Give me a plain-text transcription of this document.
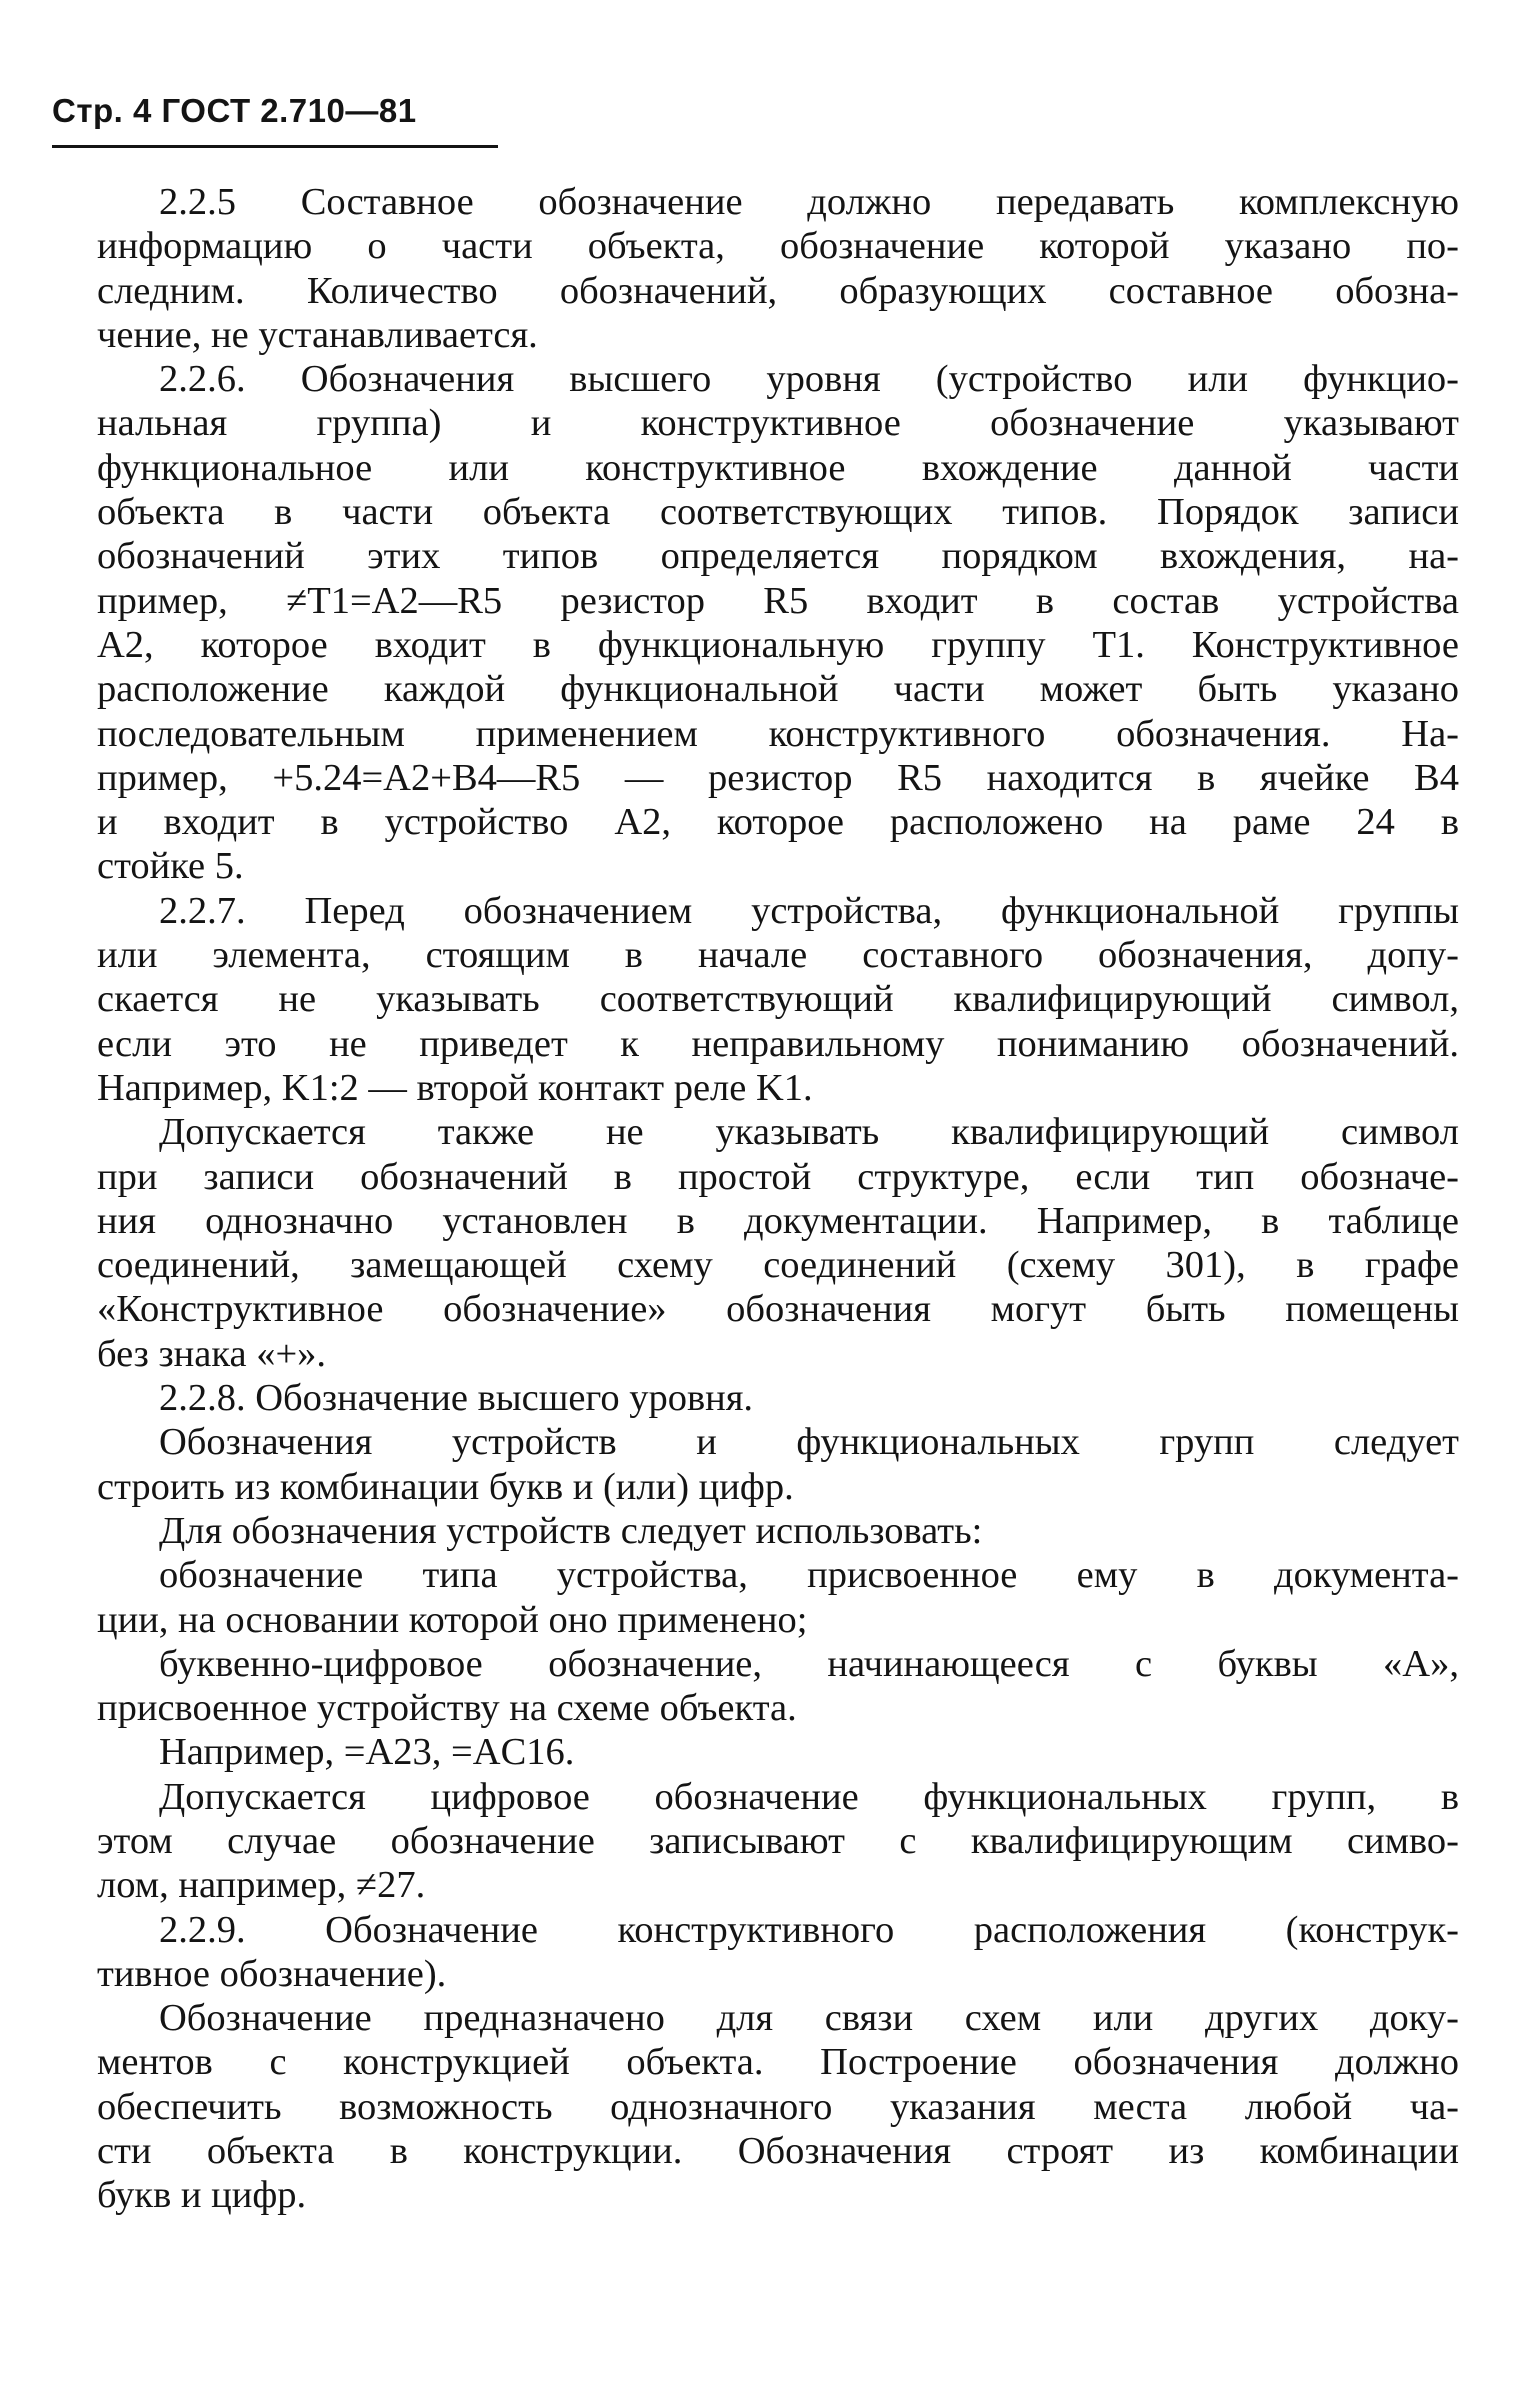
Стр. 4 ГОСТ 2.710—81
2.2.5 Составное обозначение должно передавать комплексную
информацию о части объекта, обозначение которой указано по-
следним. Количество обозначений, образующих составное обозна-
чение, не устанавливается.
2.2.6. Обозначения высшего уровня (устройство или функцио-
нальная группа) и конструктивное обозначение указывают
функциональное или конструктивное вхождение данной части
объекта в части объекта соответствующих типов. Порядок записи
обозначений этих типов определяется порядком вхождения, на-
пример, ≠T1=A2—R5 резистор R5 входит в состав устройства
A2, которое входит в функциональную группу T1. Конструктивное
расположение каждой функциональной части может быть указано
последовательным применением конструктивного обозначения. На-
пример, +5.24=A2+B4—R5 — резистор R5 находится в ячейке B4
и входит в устройство A2, которое расположено на раме 24 в
стойке 5.
2.2.7. Перед обозначением устройства, функциональной группы
или элемента, стоящим в начале составного обозначения, допу-
скается не указывать соответствующий квалифицирующий символ,
если это не приведет к неправильному пониманию обозначений.
Например, K1:2 — второй контакт реле K1.
Допускается также не указывать квалифицирующий символ
при записи обозначений в простой структуре, если тип обозначе-
ния однозначно установлен в документации. Например, в таблице
соединений, замещающей схему соединений (схему 301), в графе
«Конструктивное обозначение» обозначения могут быть помещены
без знака «+».
2.2.8. Обозначение высшего уровня.
Обозначения устройств и функциональных групп следует
строить из комбинации букв и (или) цифр.
Для обозначения устройств следует использовать:
обозначение типа устройства, присвоенное ему в документа-
ции, на основании которой оно применено;
буквенно-цифровое обозначение, начинающееся с буквы «А»,
присвоенное устройству на схеме объекта.
Например, =A23, =AC16.
Допускается цифровое обозначение функциональных групп, в
этом случае обозначение записывают с квалифицирующим симво-
лом, например, ≠27.
2.2.9. Обозначение конструктивного расположения (конструк-
тивное обозначение).
Обозначение предназначено для связи схем или других доку-
ментов с конструкцией объекта. Построение обозначения должно
обеспечить возможность однозначного указания места любой ча-
сти объекта в конструкции. Обозначения строят из комбинации
букв и цифр.
